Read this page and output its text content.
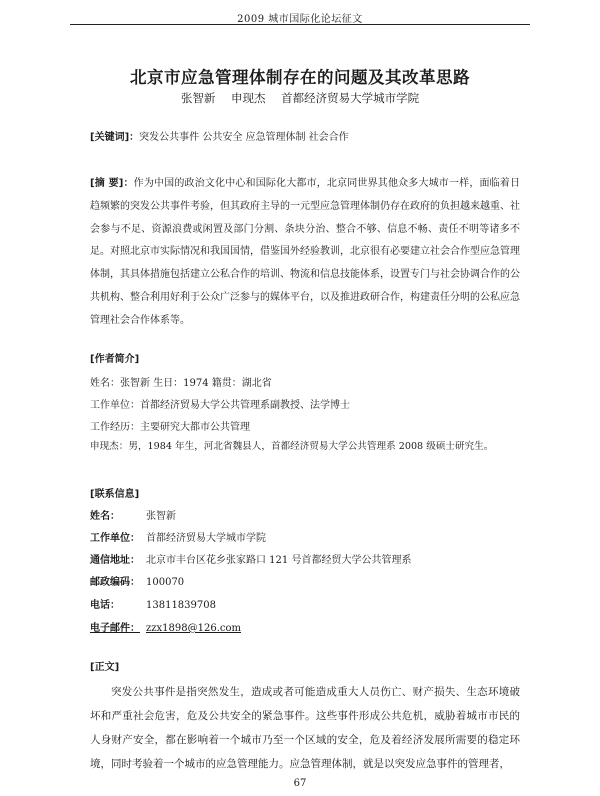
2009 城市国际化论坛征文
北京市应急管理体制存在的问题及其改革思路
张智新 申现杰 首都经济贸易大学城市学院
[关键词]：突发公共事件 公共安全 应急管理体制 社会合作
[摘 要]：作为中国的政治文化中心和国际化大都市，北京同世界其他众多大城市一样，面临着日趋频繁的突发公共事件考验，但其政府主导的一元型应急管理体制仍存在政府的负担越来越重、社会参与不足、资源浪费或闲置及部门分割、条块分治、整合不够、信息不畅、责任不明等诸多不足。对照北京市实际情况和我国国情，借鉴国外经验教训，北京很有必要建立社会合作型应急管理体制，其具体措施包括建立公私合作的培训、物流和信息技能体系，设置专门与社会协调合作的公共机构、整合利用好利于公众广泛参与的媒体平台，以及推进政研合作，构建责任分明的公私应急管理社会合作体系等。
[作者简介]
姓名：张智新 生日：1974 籍贯：湖北省
工作单位：首都经济贸易大学公共管理系副教授、法学博士
工作经历：主要研究大都市公共管理
申现杰：男，1984 年生，河北省魏县人，首都经济贸易大学公共管理系 2008 级硕士研究生。
[联系信息]
姓名：	张智新
工作单位： 首都经济贸易大学城市学院
通信地址： 北京市丰台区花乡张家路口 121 号首都经贸大学公共管理系
邮政编码： 100070
电话：	13811839708
电子邮件： zzx1898@126.com
[正文]
突发公共事件是指突然发生，造成或者可能造成重大人员伤亡、财产损失、生态环境破坏和严重社会危害，危及公共安全的紧急事件。这些事件形成公共危机，威胁着城市市民的人身财产安全，都在影响着一个城市乃至一个区域的安全，危及着经济发展所需要的稳定环境，同时考验着一个城市的应急管理能力。应急管理体制，就是以突发应急事件的管理者，
67
